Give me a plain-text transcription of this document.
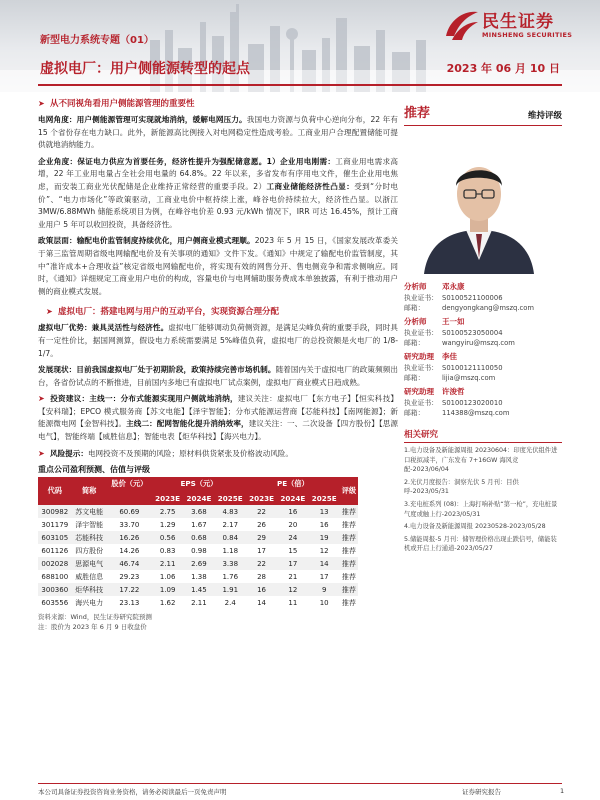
新型电力系统专题（01）
虚拟电厂：用户侧能源转型的起点	2023 年 06 月 10 日
民生证券
MINSHENG SECURITIES
➤ 从不同视角看用户侧能源管理的重要性
电网角度：用户侧能源管理可实现就地消纳，缓解电网压力。我国电力资源与负荷中心逆向分布，22 年有 15 个省份存在电力缺口。此外，新能源高比例接入对电网稳定性造成考验。工商业用户合理配置储能可提供就地消纳能力。
企业角度：保证电力供应为首要任务，经济性提升为强配储意愿。1）企业用电刚需：工商业用电需求高增，22 年工业用电量占全社会用电量的 64.8%。22 年以来，多省发布有序用电文件，催生企业用电焦虑，而安装工商业光伏配储是企业维持正常经营的重要手段。2）工商业储能经济性凸显：受到“分时电价”、“电力市场化”等政策驱动，工商业电价中枢持续上涨，峰谷电价持续拉大，经济性凸显。以浙江 3MW/6.88MWh 储能系统项目为例，在峰谷电价差 0.93 元/kWh 情况下，IRR 可达 16.45%，预计工商业用户 5 年可以收回投资，具备经济性。
政策层面：输配电价监管制度持续优化，用户侧商业模式理顺。2023 年 5 月 15 日，《国家发展改革委关于第三监管周期省级电网输配电价及有关事项的通知》文件下发。《通知》中规定了输配电价监管制度，其中“准许成本+合理收益”核定省级电网输配电价，将实现有效的网售分开、售电侧竞争和需求侧响应。同时，《通知》详细规定工商业用户电价的构成，容量电价与电网辅助服务费成本单独披露，有利于推动用户侧的商业模式发展。
➤ 虚拟电厂：搭建电网与用户的互动平台，实现资源合理分配
虚拟电厂优势：兼具灵活性与经济性。虚拟电厂能够调动负荷侧资源，是满足尖峰负荷的重要手段，同时具有一定性价比，据国网测算，假设电力系统需要满足 5%峰值负荷，虚拟电厂的总投资额是火电厂的 1/8-1/7。
发展现状：目前我国虚拟电厂处于初期阶段，政策持续完善市场机制。随着国内关于虚拟电厂的政策频频出台，各省份试点的不断推进，目前国内多地已有虚拟电厂试点案例，虚拟电厂商业模式日趋成熟。
➤ 投资建议：主线一：分布式能源实现用户侧就地消纳，建议关注：虚拟电厂【东方电子】【恒实科技】【安科瑞】；EPCO 模式服务商【苏文电能】【泽宇智能】；分布式能源运营商【芯能科技】【南网能源】；新能源微电网【金智科技】。主线二：配网智能化提升消纳效率，建议关注：一、二次设备【四方股份】【思源电气】，智能终端【威胜信息】；智能电表【炬华科技】【海兴电力】。
➤ 风险提示：电网投资不及预期的风险；原材料供货紧张及价格波动风险。
重点公司盈利预测、估值与评级
代码	简称	股价（元）	EPS（元）			PE（倍）			评级
			2023E	2024E	2025E	2023E	2024E	2025E	
300982	苏文电能	60.69	2.75	3.68	4.83	22	16	13	推荐
301179	泽宇智能	33.70	1.29	1.67	2.17	26	20	16	推荐
603105	芯能科技	16.26	0.56	0.68	0.84	29	24	19	推荐
601126	四方股份	14.26	0.83	0.98	1.18	17	15	12	推荐
002028	思源电气	46.74	2.11	2.69	3.38	22	17	14	推荐
688100	威胜信息	29.23	1.06	1.38	1.76	28	21	17	推荐
300360	炬华科技	17.22	1.09	1.45	1.91	16	12	9	推荐
603556	海兴电力	23.13	1.62	2.11	2.4	14	11	10	推荐
资料来源：Wind，民生证券研究院预测
注：股价为 2023 年 6 月 9 日收盘价
推荐	维持评级
分析师	邓永康
执业证书： S0100521100006
邮箱：	dengyongkang@mszq.com
分析师	王一如
执业证书： S0100523050004
邮箱：	wangyiru@mszq.com
研究助理	李佳
执业证书： S0100121110050
邮箱：	lijia@mszq.com
研究助理	许浚哲
执业证书： S0100123020010
邮箱：	114388@mszq.com
相关研究
1.电力设备及新能源周报 20230604：印度光伏组件进口税拟减半，广东发布 7+16GW 海风竞配-2023/06/04
2.光伏月度报告：洞察光伏 5 月刊：目供呼-2023/05/31
3.充电桩系列 (08)：上海打响补贴“第一枪”，充电桩景气度或触上行-2023/05/31
4.电力设备及新能源周报 20230528-2023/05/28
5.储能周报-5 月刊：储智理价格出现止跌信号，储能装机或开启上行通道-2023/05/27
本公司具备证券投资咨询业务资格，请务必阅读最后一页免责声明	证券研究报告	1
